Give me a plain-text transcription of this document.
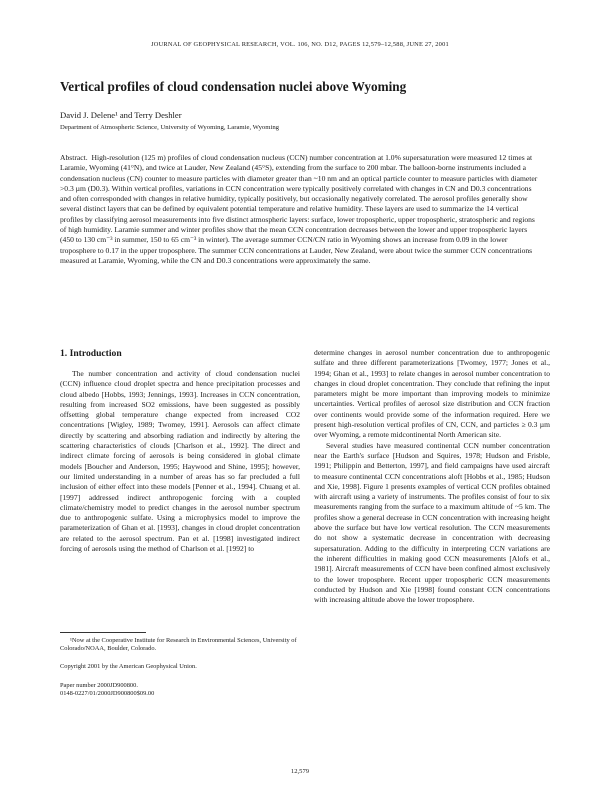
JOURNAL OF GEOPHYSICAL RESEARCH, VOL. 106, NO. D12, PAGES 12,579–12,588, JUNE 27, 2001
Vertical profiles of cloud condensation nuclei above Wyoming
David J. Delene¹ and Terry Deshler
Department of Atmospheric Science, University of Wyoming, Laramie, Wyoming
Abstract. High-resolution (125 m) profiles of cloud condensation nucleus (CCN) number concentration at 1.0% supersaturation were measured 12 times at Laramie, Wyoming (41°N), and twice at Lauder, New Zealand (45°S), extending from the surface to 200 mbar. The balloon-borne instruments included a condensation nucleus (CN) counter to measure particles with diameter greater than ~10 nm and an optical particle counter to measure particles with diameter >0.3 µm (D0.3). Within vertical profiles, variations in CCN concentration were typically positively correlated with changes in CN and D0.3 concentrations and often corresponded with changes in relative humidity, typically positively, but occasionally negatively correlated. The aerosol profiles generally show several distinct layers that can be defined by equivalent potential temperature and relative humidity. These layers are used to summarize the 14 vertical profiles by classifying aerosol measurements into five distinct atmospheric layers: surface, lower tropospheric, upper tropospheric, stratospheric and regions of high humidity. Laramie summer and winter profiles show that the mean CCN concentration decreases between the lower and upper tropospheric layers (450 to 130 cm⁻³ in summer, 150 to 65 cm⁻³ in winter). The average summer CCN/CN ratio in Wyoming shows an increase from 0.09 in the lower troposphere to 0.17 in the upper troposphere. The summer CCN concentrations at Lauder, New Zealand, were about twice the summer CCN concentrations measured at Laramie, Wyoming, while the CN and D0.3 concentrations were approximately the same.
1. Introduction

The number concentration and activity of cloud condensation nuclei (CCN) influence cloud droplet spectra and hence precipitation processes and cloud albedo [Hobbs, 1993; Jennings, 1993]. Increases in CCN concentration, resulting from increased SO2 emissions, have been suggested as possibly offsetting global temperature change expected from increased CO2 concentrations [Wigley, 1989; Twomey, 1991]. Aerosols can affect climate directly by scattering and absorbing radiation and indirectly by altering the scattering characteristics of clouds [Charlson et al., 1992]. The direct and indirect climate forcing of aerosols is being considered in global climate models [Boucher and Anderson, 1995; Haywood and Shine, 1995]; however, our limited understanding in a number of areas has so far precluded a full inclusion of either effect into these models [Penner et al., 1994]. Chuang et al. [1997] addressed indirect anthropogenic forcing with a coupled climate/chemistry model to predict changes in the aerosol number spectrum due to anthropogenic sulfate. Using a microphysics model to improve the parameterization of Ghan et al. [1993], changes in cloud droplet concentration are related to the aerosol spectrum. Pan et al. [1998] investigated indirect forcing of aerosols using the method of Charlson et al. [1992] to

determine changes in aerosol number concentration due to anthropogenic sulfate and three different parameterizations [Twomey, 1977; Jones et al., 1994; Ghan et al., 1993] to relate changes in aerosol number concentration to changes in cloud droplet concentration. They conclude that refining the input parameters might be more important than improving models to minimize uncertainties. Vertical profiles of aerosol size distribution and CCN fraction over continents would provide some of the information required. Here we present high-resolution vertical profiles of CN, CCN, and particles ≥ 0.3 µm over Wyoming, a remote midcontinental North American site.

Several studies have measured continental CCN number concentration near the Earth's surface [Hudson and Squires, 1978; Hudson and Frisble, 1991; Philippin and Betterton, 1997], and field campaigns have used aircraft to measure continental CCN concentrations aloft [Hobbs et al., 1985; Hudson and Xie, 1998]. Figure 1 presents examples of vertical CCN profiles obtained with aircraft using a variety of instruments. The profiles consist of four to six measurements ranging from the surface to a maximum altitude of ~5 km. The profiles show a general decrease in CCN concentration with increasing height above the surface but have low vertical resolution. The CCN measurements do not show a systematic decrease in concentration with decreasing supersaturation. Adding to the difficulty in interpreting CCN variations are the inherent difficulties in making good CCN measurements [Alofs et al., 1981]. Aircraft measurements of CCN have been confined almost exclusively to the lower troposphere. Recent upper tropospheric CCN measurements conducted by Hudson and Xie [1998] found constant CCN concentrations with increasing altitude above the lower troposphere.

¹Now at the Cooperative Institute for Research in Environmental Sciences, University of Colorado/NOAA, Boulder, Colorado.
Copyright 2001 by the American Geophysical Union.
Paper number 2000JD900800.
0148-0227/01/2000JD900800$09.00
12,579
